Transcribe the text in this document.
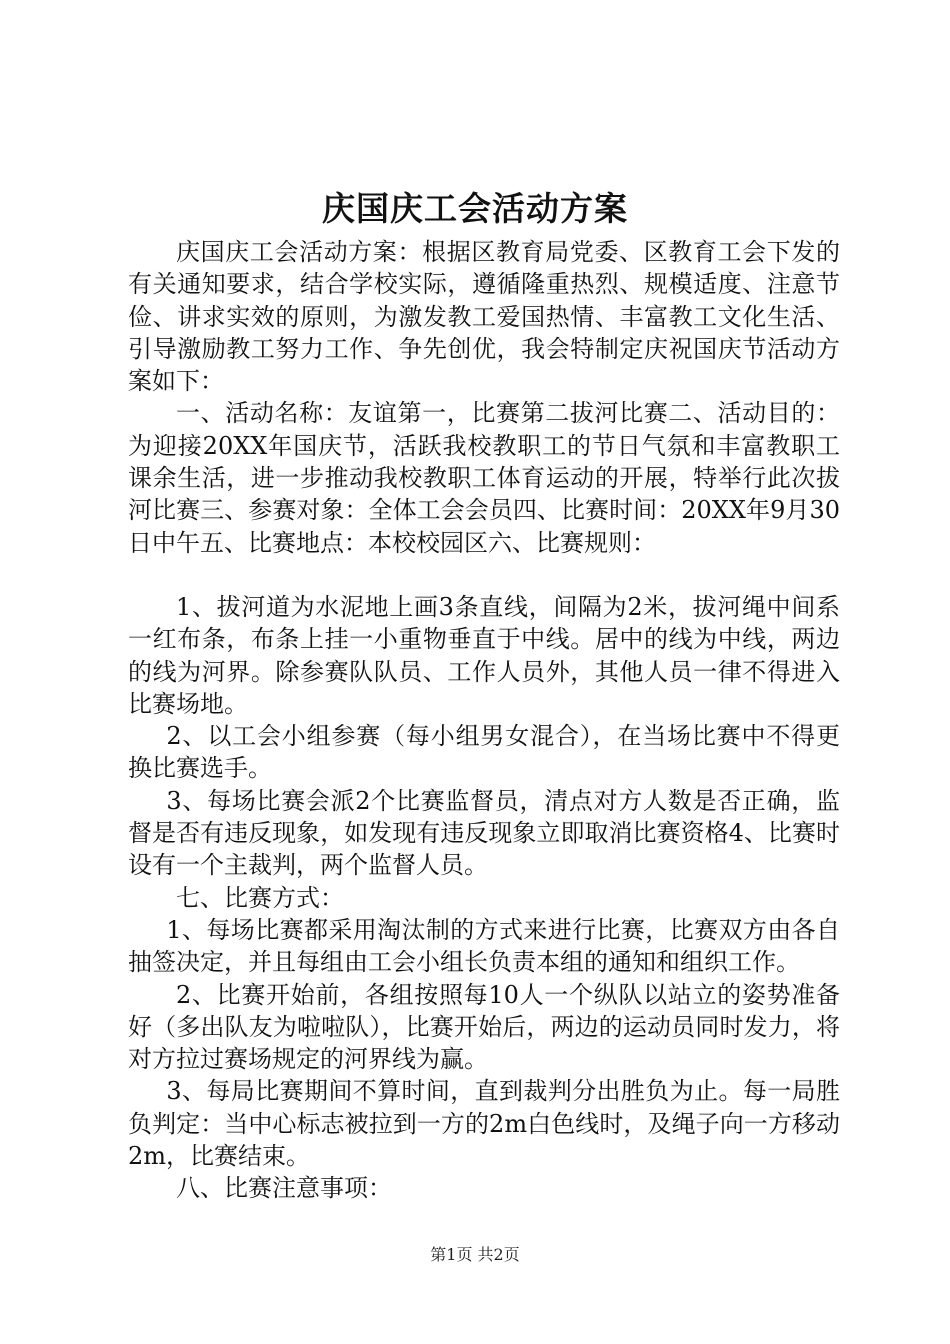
庆国庆工会活动方案

庆国庆工会活动方案：根据区教育局党委、区教育工会下发的有关通知要求，结合学校实际，遵循隆重热烈、规模适度、注意节俭、讲求实效的原则，为激发教工爱国热情、丰富教工文化生活、引导激励教工努力工作、争先创优，我会特制定庆祝国庆节活动方案如下：

一、活动名称：友谊第一，比赛第二拔河比赛二、活动目的：为迎接20XX年国庆节，活跃我校教职工的节日气氛和丰富教职工课余生活，进一步推动我校教职工体育运动的开展，特举行此次拔河比赛三、参赛对象：全体工会会员四、比赛时间：20XX年9月30日中午五、比赛地点：本校校园区六、比赛规则：

1、拔河道为水泥地上画3条直线，间隔为2米，拔河绳中间系一红布条，布条上挂一小重物垂直于中线。居中的线为中线，两边的线为河界。除参赛队队员、工作人员外，其他人员一律不得进入比赛场地。

2、以工会小组参赛（每小组男女混合），在当场比赛中不得更换比赛选手。

3、每场比赛会派2个比赛监督员，清点对方人数是否正确，监督是否有违反现象，如发现有违反现象立即取消比赛资格4、比赛时设有一个主裁判，两个监督人员。

七、比赛方式：

1、每场比赛都采用淘汰制的方式来进行比赛，比赛双方由各自抽签决定，并且每组由工会小组长负责本组的通知和组织工作。

2、比赛开始前，各组按照每10人一个纵队以站立的姿势准备好（多出队友为啦啦队），比赛开始后，两边的运动员同时发力，将对方拉过赛场规定的河界线为赢。

3、每局比赛期间不算时间，直到裁判分出胜负为止。每一局胜负判定：当中心标志被拉到一方的2m白色线时，及绳子向一方移动2m，比赛结束。

八、比赛注意事项：

第1页 共2页
